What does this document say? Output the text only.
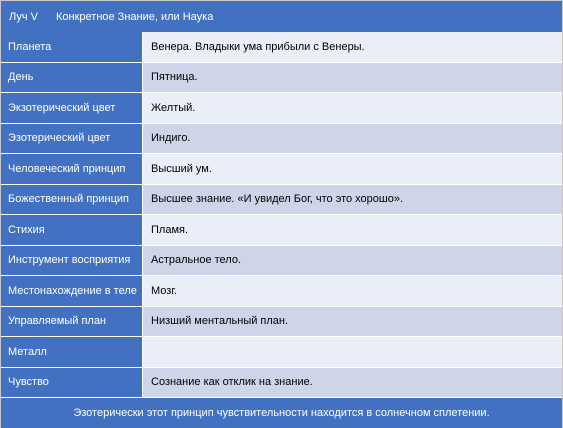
Луч V	Конкретное Знание, или Наука
Планета	Венера. Владыки ума прибыли с Венеры.
День	Пятница.
Экзотерический цвет	Желтый.
Эзотерический цвет	Индиго.
Человеческий принцип	Высший ум.
Божественный принцип	Высшее знание. «И увидел Бог, что это хорошо».
Стихия	Пламя.
Инструмент восприятия	Астральное тело.
Местонахождение в теле	Мозг.
Управляемый план	Низший ментальный план.
Металл
Чувство	Сознание как отклик на знание.
Эзотерически этот принцип чувствительности находится в солнечном сплетении.
